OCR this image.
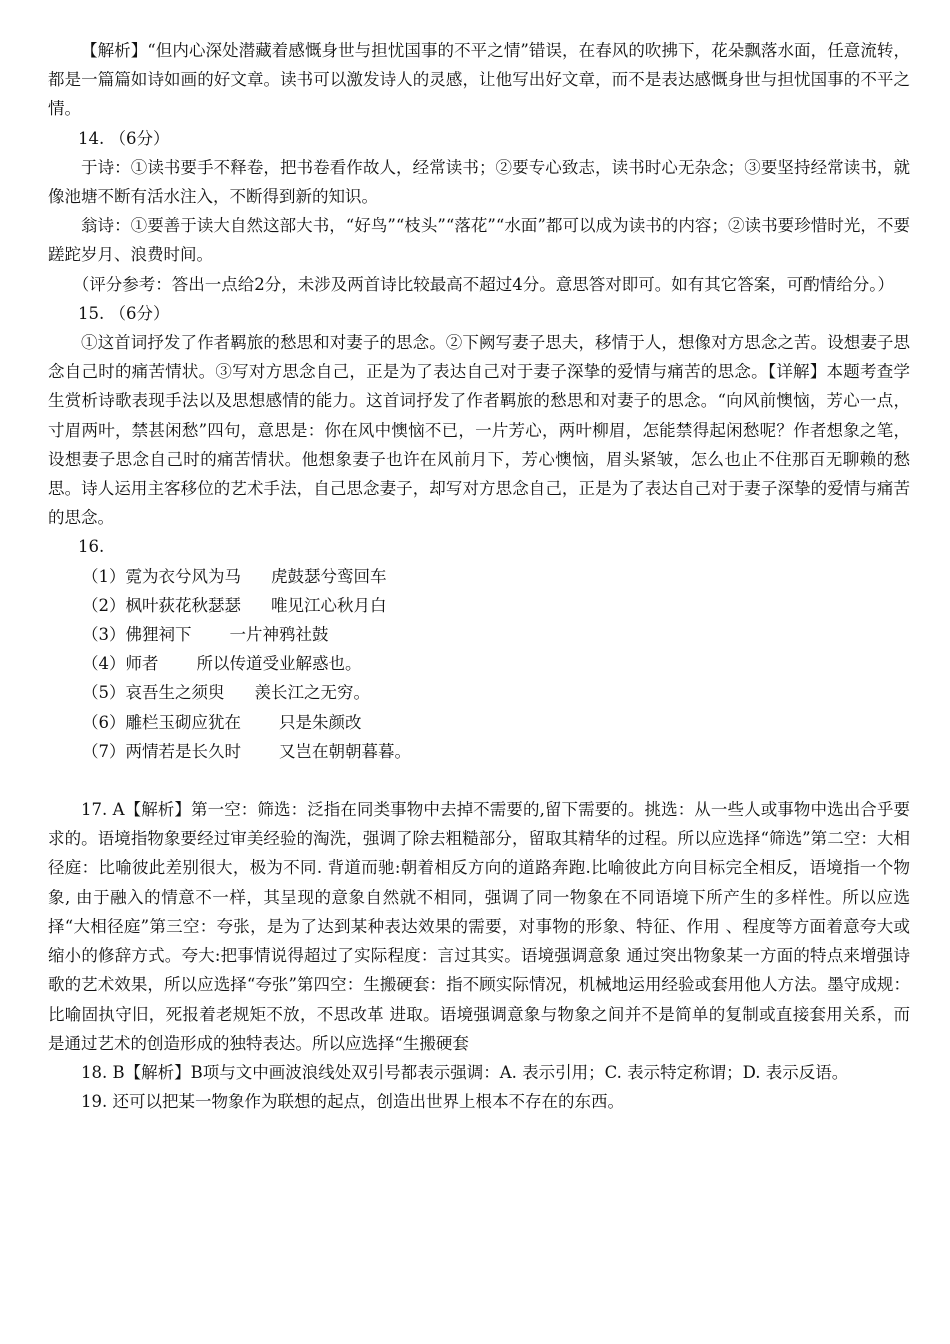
【解析】“但内心深处潜藏着感慨身世与担忧国事的不平之情”错误，在春风的吹拂下，花朵飘落水面，任意流转，都是一篇篇如诗如画的好文章。读书可以激发诗人的灵感，让他写出好文章，而不是表达感慨身世与担忧国事的不平之情。

14. （6分）

于诗：①读书要手不释卷，把书卷看作故人，经常读书；②要专心致志，读书时心无杂念；③要坚持经常读书，就像池塘不断有活水注入，不断得到新的知识。

翁诗：①要善于读大自然这部大书，“好鸟”“枝头”“落花”“水面”都可以成为读书的内容；②读书要珍惜时光，不要蹉跎岁月、浪费时间。

（评分参考：答出一点给2分，未涉及两首诗比较最高不超过4分。意思答对即可。如有其它答案，可酌情给分。）

15. （6分）

①这首词抒发了作者羁旅的愁思和对妻子的思念。②下阙写妻子思夫，移情于人，想像对方思念之苦。设想妻子思念自己时的痛苦情状。③写对方思念自己，正是为了表达自己对于妻子深挚的爱情与痛苦的思念。【详解】本题考查学生赏析诗歌表现手法以及思想感情的能力。这首词抒发了作者羁旅的愁思和对妻子的思念。“向风前懊恼，芳心一点，寸眉两叶，禁甚闲愁”四句，意思是：你在风中懊恼不已，一片芳心，两叶柳眉，怎能禁得起闲愁呢？作者想象之笔，设想妻子思念自己时的痛苦情状。他想象妻子也许在风前月下，芳心懊恼，眉头紧皱，怎么也止不住那百无聊赖的愁思。诗人运用主客移位的艺术手法，自己思念妻子，却写对方思念自己，正是为了表达自己对于妻子深挚的爱情与痛苦的思念。

16.

（1）霓为衣兮风为马 虎鼓瑟兮鸾回车

（2）枫叶荻花秋瑟瑟 唯见江心秋月白

（3）佛狸祠下 一片神鸦社鼓

（4）师者 所以传道受业解惑也。

（5）哀吾生之须臾 羡长江之无穷。

（6）雕栏玉砌应犹在 只是朱颜改

（7）两情若是长久时 又岂在朝朝暮暮。

17. A【解析】第一空：筛选：泛指在同类事物中去掉不需要的,留下需要的。挑选：从一些人或事物中选出合乎要求的。语境指物象要经过审美经验的淘洗，强调了除去粗糙部分，留取其精华的过程。所以应选择“筛选”第二空：大相径庭：比喻彼此差别很大，极为不同. 背道而驰:朝着相反方向的道路奔跑.比喻彼此方向目标完全相反，语境指一个物象, 由于融入的情意不一样，其呈现的意象自然就不相同，强调了同一物象在不同语境下所产生的多样性。所以应选择“大相径庭”第三空：夸张，是为了达到某种表达效果的需要，对事物的形象、特征、作用 、程度等方面着意夸大或缩小的修辞方式。夸大:把事情说得超过了实际程度：言过其实。语境强调意象 通过突出物象某一方面的特点来增强诗歌的艺术效果，所以应选择“夸张”第四空：生搬硬套：指不顾实际情况，机械地运用经验或套用他人方法。墨守成规：比喻固执守旧，死报着老规矩不放，不思改革 进取。语境强调意象与物象之间并不是简单的复制或直接套用关系，而是通过艺术的创造形成的独特表达。所以应选择“生搬硬套

18. B【解析】B项与文中画波浪线处双引号都表示强调：A. 表示引用；C. 表示特定称谓；D. 表示反语。

19. 还可以把某一物象作为联想的起点，创造出世界上根本不存在的东西。
